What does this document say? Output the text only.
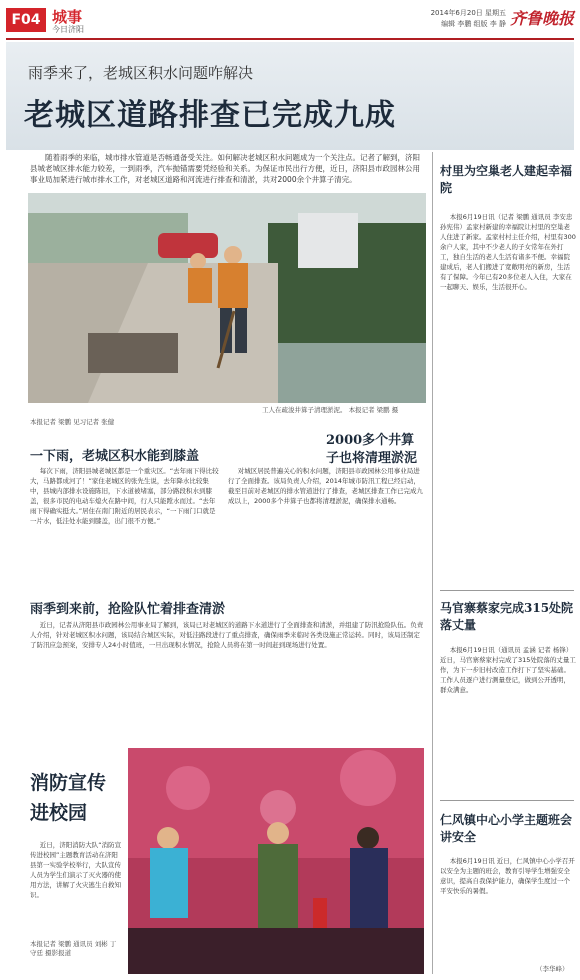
F04 城事
今日济阳
2014年6月20日 星期五
编辑 李鹏 组版 李 静 齐鲁晚报
雨季来了，老城区积水问题咋解决
老城区道路排查已完成九成
随着雨季的来临，城市排水管道是否畅通备受关注。如何解决老城区积水问题成为一个关注点。记者了解到，济阳县城老城区排水能力较差，一到雨季，汽车抛锚需要凭经验和关系。为保证市民出行方便，近日，济阳县市政园林公用事业局加紧进行城市排水工作，对老城区道路和河流进行排查和清淤，共对2000余个井算子清完。
工人在疏浚井算子清理淤泥。 本报记者 梁鹏 摄
本报记者 梁鹏 见习记者 张健
一下雨，老城区积水能到膝盖
每次下雨，济阳县城老城区都是一个重灾区。“去年雨下得比较大，马路都成河了！”家住老城区的张先生说，去年降水比较集中，县城内部排水设施陈旧，下水道被堵塞，部分路段积水到膝盖，很多市民的电动车熄火在路中间，行人只能蹚水而过。“去年雨下得确实挺大。”居住在南门附近的居民表示，“一下雨门口就是一片水，低洼处水能到膝盖，出门很不方便。”
2000多个井算子也将清理淤泥
对城区居民普遍关心的积水问题，济阳县市政园林公用事业局进行了全面排查。该局负责人介绍，2014年城市防汛工程已经启动，截至目前对老城区的排水管道进行了排查，老城区排查工作已完成九成以上，2000多个井算子也都将清理淤泥，确保排水通畅。
雨季到来前，抢险队忙着排查清淤
近日，记者从济阳县市政园林公用事业局了解到，该局已对老城区的道路下水道进行了全面排查和清淤，并组建了防汛抢险队伍。负责人介绍，针对老城区积水问题，该局结合城区实际，对低洼路段进行了重点排查，确保雨季来临时各类设施正常运转。同时，该局还制定了防汛应急预案，安排专人24小时值班，一旦出现积水情况，抢险人员将在第一时间赶到现场进行处置。
消防宣传进校园
近日，济阳消防大队“消防宣传进校园”主题教育活动在济阳县第一实验学校举行，大队宣传人员为学生们演示了灭火器的使用方法，讲解了火灾逃生自救知识。
本报记者 梁鹏 通讯员 刘彬 丁守廷 摄影报道
村里为空巢老人建起幸福院
本报6月19日讯（记者 梁鹏 通讯员 李安忠 孙宪伟）孟家村新建的幸福院让村里的空巢老人住进了新家。孟家村村主任介绍，村里有300余户人家，其中不少老人的子女常年在外打工，独自生活的老人生活有诸多不便。幸福院建成后，老人们搬进了宽敞明亮的新房，生活有了保障。今年已有20多位老人入住，大家在一起聊天、娱乐，生活很开心。
马官寨蔡家完成315处院落丈量
本报6月19日讯（通讯员 孟涵 记者 杨锋）近日，马官寨蔡家村完成了315处院落的丈量工作，为下一步旧村改造工作打下了坚实基础。工作人员逐户进行测量登记，做到公开透明，群众满意。
仁风镇中心小学主题班会讲安全
本报6月19日讯 近日，仁风镇中心小学召开以安全为主题的班会，教育引导学生增强安全意识，提高自我保护能力，确保学生度过一个平安快乐的暑假。
（李华峰）
